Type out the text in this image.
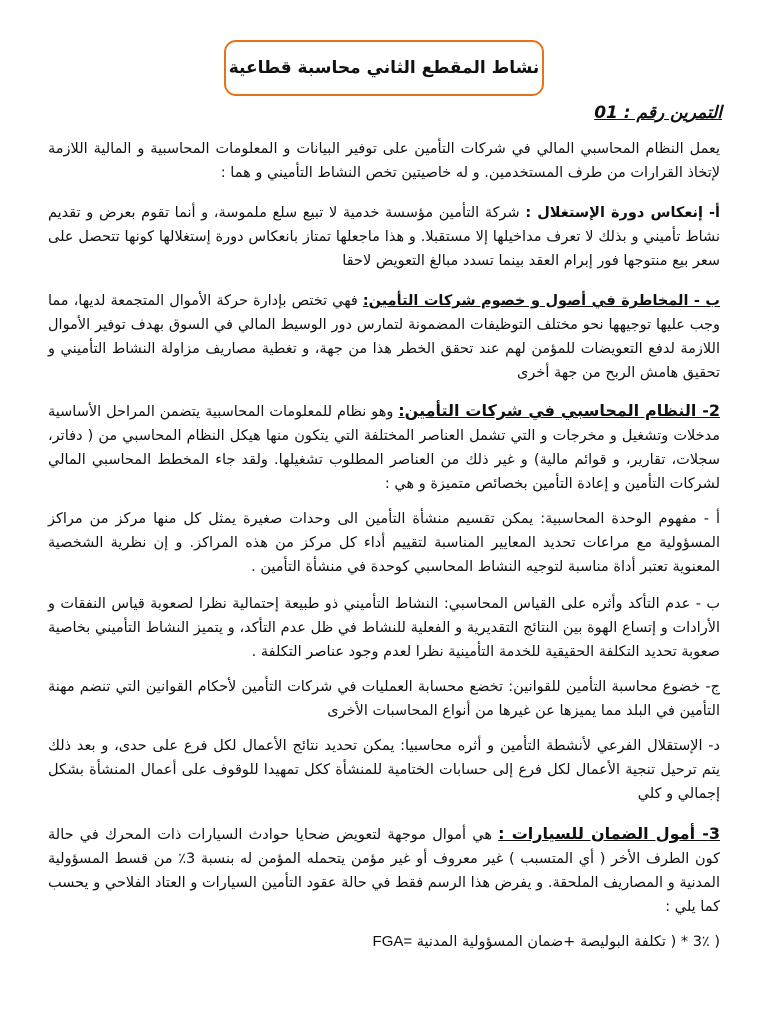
نشاط المقطع الثاني محاسبة قطاعية
التمرين رقم : 01

يعمل النظام المحاسبي المالي في شركات التأمين على توفير البيانات و المعلومات المحاسبية و المالية اللازمة لإتخاذ القرارات من طرف المستخدمين. و له خاصيتين تخص النشاط التأميني و هما :

أ- إنعكاس دورة الإستغلال : شركة التأمين مؤسسة خدمية لا تبيع سلع ملموسة، و أنما تقوم بعرض و تقديم نشاط تأميني و بذلك لا تعرف مداخيلها إلا مستقبلا. و هذا ماجعلها تمتاز بانعكاس دورة إستغلالها كونها تتحصل على سعر بيع منتوجها فور إبرام العقد بينما تسدد مبالغ التعويض لاحقا

ب - المخاطرة في أصول و خصوم شركات التأمين: فهي تختص بإدارة حركة الأموال المتجمعة لديها، مما وجب عليها توجيهها نحو مختلف التوظيفات المضمونة لتمارس دور الوسيط المالي في السوق بهدف توفير الأموال اللازمة لدفع التعويضات للمؤمن لهم عند تحقق الخطر هذا من جهة، و تغطية مصاريف مزاولة النشاط التأميني و تحقيق هامش الربح من جهة أخرى

2- النظام المحاسبي في شركات التأمين: وهو نظام للمعلومات المحاسبية يتضمن المراحل الأساسية مدخلات وتشغيل و مخرجات و التي تشمل العناصر المختلفة التي يتكون منها هيكل النظام المحاسبي من ( دفاتر، سجلات، تقارير، و قوائم مالية) و غير ذلك من العناصر المطلوب تشغيلها. ولقد جاء المخطط المحاسبي المالي لشركات التأمين و إعادة التأمين بخصائص متميزة و هي :

أ - مفهوم الوحدة المحاسبية: يمكن تقسيم منشأة التأمين الى وحدات صغيرة يمثل كل منها مركز من مراكز المسؤولية مع مراعات تحديد المعايير المناسبة لتقييم أداء كل مركز من هذه المراكز. و إن نظرية الشخصية المعنوية تعتبر أداة مناسبة لتوجيه النشاط المحاسبي كوحدة في منشأة التأمين .

ب - عدم التأكد وأثره على القياس المحاسبي: النشاط التأميني ذو طبيعة إحتمالية نظرا لصعوبة قياس النفقات و الأرادات و إتساع الهوة بين النتائج التقديرية و الفعلية للنشاط في ظل عدم التأكد، و يتميز النشاط التأميني بخاصية صعوبة تحديد التكلفة الحقيقية للخدمة التأمينية نظرا لعدم وجود عناصر التكلفة .

ج- خضوع محاسبة التأمين للقوانين: تخضع محسابة العمليات في شركات التأمين لأحكام القوانين التي تنضم مهنة التأمين في البلد مما يميزها عن غيرها من أنواع المحاسبات الأخرى

د- الإستقلال الفرعي لأنشطة التأمين و أثره محاسبيا: يمكن تحديد نتائج الأعمال لكل فرع على حدى، و بعد ذلك يتم ترحيل تنجية الأعمال لكل فرع إلى حسابات الختامية للمنشأة ككل تمهيدا للوقوف على أعمال المنشأة بشكل إجمالي و كلي

3- أمول الضمان للسيارات : هي أموال موجهة لتعويض ضحايا حوادث السيارات ذات المحرك في حالة كون الطرف الأخر ( أي المتسبب ) غير معروف أو غير مؤمن يتحمله المؤمن له بنسبة 3٪ من قسط المسؤولية المدنية و المصاريف الملحقة. و يفرض هذا الرسم فقط في حالة عقود التأمين السيارات و العتاد الفلاحي و يحسب كما يلي :

( 3٪ * ( تكلفة البوليصة +ضمان المسؤولية المدنية FGA=
